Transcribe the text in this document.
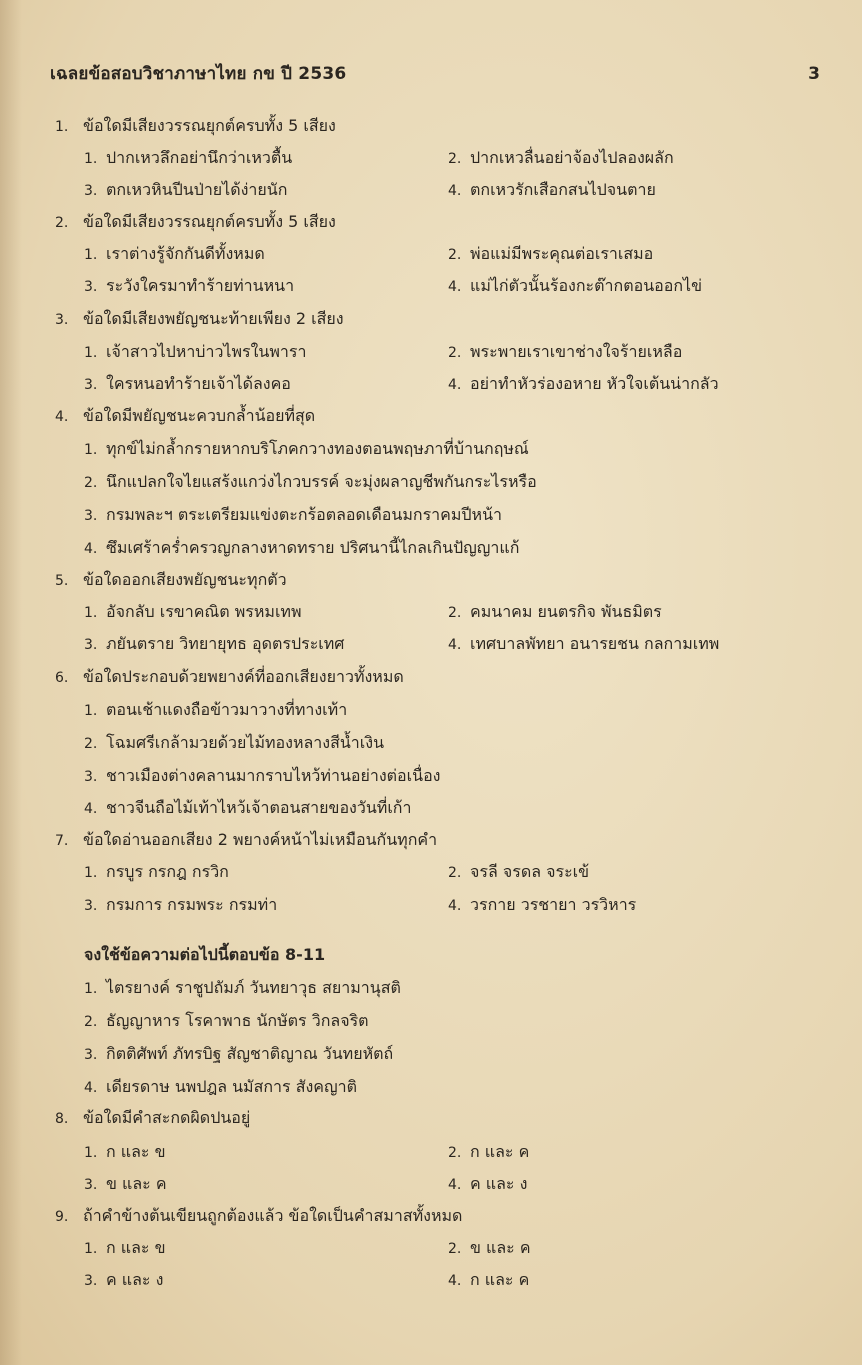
เฉลยข้อสอบวิชาภาษาไทย กข ปี 2536	3
1. ข้อใดมีเสียงวรรณยุกต์ครบทั้ง 5 เสียง
1. ปากเหวลึกอย่านึกว่าเหวตื้น	2. ปากเหวลื่นอย่าจ้องไปลองผลัก
3. ตกเหวหินปีนป่ายได้ง่ายนัก	4. ตกเหวรักเสือกสนไปจนตาย
2. ข้อใดมีเสียงวรรณยุกต์ครบทั้ง 5 เสียง
1. เราต่างรู้จักกันดีทั้งหมด	2. พ่อแม่มีพระคุณต่อเราเสมอ
3. ระวังใครมาทำร้ายท่านหนา	4. แม่ไก่ตัวนั้นร้องกะต๊ากตอนออกไข่
3. ข้อใดมีเสียงพยัญชนะท้ายเพียง 2 เสียง
1. เจ้าสาวไปหาบ่าวไพรในพารา	2. พระพายเราเขาช่างใจร้ายเหลือ
3. ใครหนอทำร้ายเจ้าได้ลงคอ	4. อย่าทำหัวร่องอหาย หัวใจเต้นน่ากลัว
4. ข้อใดมีพยัญชนะควบกล้ำน้อยที่สุด
1. ทุกข์ไม่กล้ำกรายหากบริโภคกวางทองตอนพฤษภาที่บ้านกฤษณ์
2. นึกแปลกใจไยแสร้งแกว่งไกวบรรค์ จะมุ่งผลาญชีพกันกระไรหรือ
3. กรมพละฯ ตระเตรียมแข่งตะกร้อตลอดเดือนมกราคมปีหน้า
4. ซึมเศร้าคร่ำครวญกลางหาดทราย ปริศนานี้ไกลเกินปัญญาแก้
5. ข้อใดออกเสียงพยัญชนะทุกตัว
1. อัจกลับ เรขาคณิต พรหมเทพ	2. คมนาคม ยนตรกิจ พันธมิตร
3. ภยันตราย วิทยายุทธ อุดตรประเทศ	4. เทศบาลพัทยา อนารยชน กลกามเทพ
6. ข้อใดประกอบด้วยพยางค์ที่ออกเสียงยาวทั้งหมด
1. ตอนเช้าแดงถือข้าวมาวางที่ทางเท้า
2. โฉมศรีเกล้ามวยด้วยไม้ทองหลางสีน้ำเงิน
3. ชาวเมืองต่างคลานมากราบไหว้ท่านอย่างต่อเนื่อง
4. ชาวจีนถือไม้เท้าไหว้เจ้าตอนสายของวันที่เก้า
7. ข้อใดอ่านออกเสียง 2 พยางค์หน้าไม่เหมือนกันทุกคำ
1. กรบูร กรกฎ กรวิก	2. จรลี จรดล จระเข้
3. กรมการ กรมพระ กรมท่า	4. วรกาย วรชายา วรวิหาร
จงใช้ข้อความต่อไปนี้ตอบข้อ 8-11
1. ไตรยางค์ ราชูปถัมภ์ วันทยาวุธ สยามานุสติ
2. ธัญญาหาร โรคาพาธ นักษัตร วิกลจริต
3. กิตติศัพท์ ภัทรบิฐ สัญชาติญาณ วันทยหัตถ์
4. เดียรดาษ นพปฎล นมัสการ สังคญาติ
8. ข้อใดมีคำสะกดผิดปนอยู่
1. ก และ ข	2. ก และ ค
3. ข และ ค	4. ค และ ง
9. ถ้าคำข้างต้นเขียนถูกต้องแล้ว ข้อใดเป็นคำสมาสทั้งหมด
1. ก และ ข	2. ข และ ค
3. ค และ ง	4. ก และ ค
